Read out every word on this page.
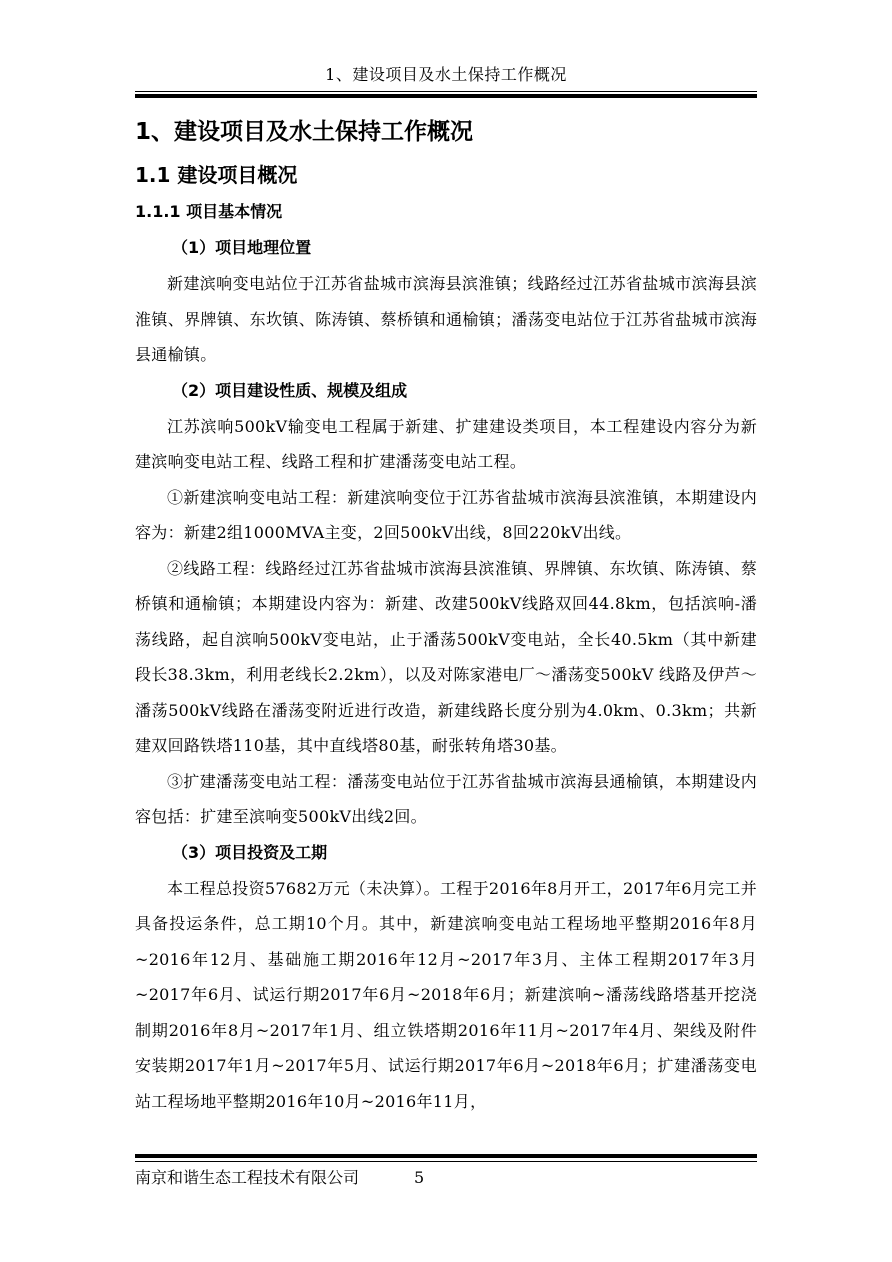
1、建设项目及水土保持工作概况
1、建设项目及水土保持工作概况
1.1 建设项目概况
1.1.1 项目基本情况
（1）项目地理位置

新建滨响变电站位于江苏省盐城市滨海县滨淮镇；线路经过江苏省盐城市滨海县滨淮镇、界牌镇、东坎镇、陈涛镇、蔡桥镇和通榆镇；潘荡变电站位于江苏省盐城市滨海县通榆镇。

（2）项目建设性质、规模及组成

江苏滨响500kV输变电工程属于新建、扩建建设类项目，本工程建设内容分为新建滨响变电站工程、线路工程和扩建潘荡变电站工程。

①新建滨响变电站工程：新建滨响变位于江苏省盐城市滨海县滨淮镇，本期建设内容为：新建2组1000MVA主变，2回500kV出线，8回220kV出线。

②线路工程：线路经过江苏省盐城市滨海县滨淮镇、界牌镇、东坎镇、陈涛镇、蔡桥镇和通榆镇；本期建设内容为：新建、改建500kV线路双回44.8km，包括滨响-潘荡线路，起自滨响500kV变电站，止于潘荡500kV变电站，全长40.5km（其中新建段长38.3km，利用老线长2.2km），以及对陈家港电厂～潘荡变500kV 线路及伊芦～潘荡500kV线路在潘荡变附近进行改造，新建线路长度分别为4.0km、0.3km；共新建双回路铁塔110基，其中直线塔80基，耐张转角塔30基。

③扩建潘荡变电站工程：潘荡变电站位于江苏省盐城市滨海县通榆镇，本期建设内容包括：扩建至滨响变500kV出线2回。

（3）项目投资及工期

本工程总投资57682万元（未决算）。工程于2016年8月开工，2017年6月完工并具备投运条件，总工期10个月。其中，新建滨响变电站工程场地平整期2016年8月~2016年12月、基础施工期2016年12月~2017年3月、主体工程期2017年3月~2017年6月、试运行期2017年6月~2018年6月；新建滨响~潘荡线路塔基开挖浇制期2016年8月~2017年1月、组立铁塔期2016年11月~2017年4月、架线及附件安装期2017年1月~2017年5月、试运行期2017年6月~2018年6月；扩建潘荡变电站工程场地平整期2016年10月~2016年11月，

南京和谐生态工程技术有限公司	5
